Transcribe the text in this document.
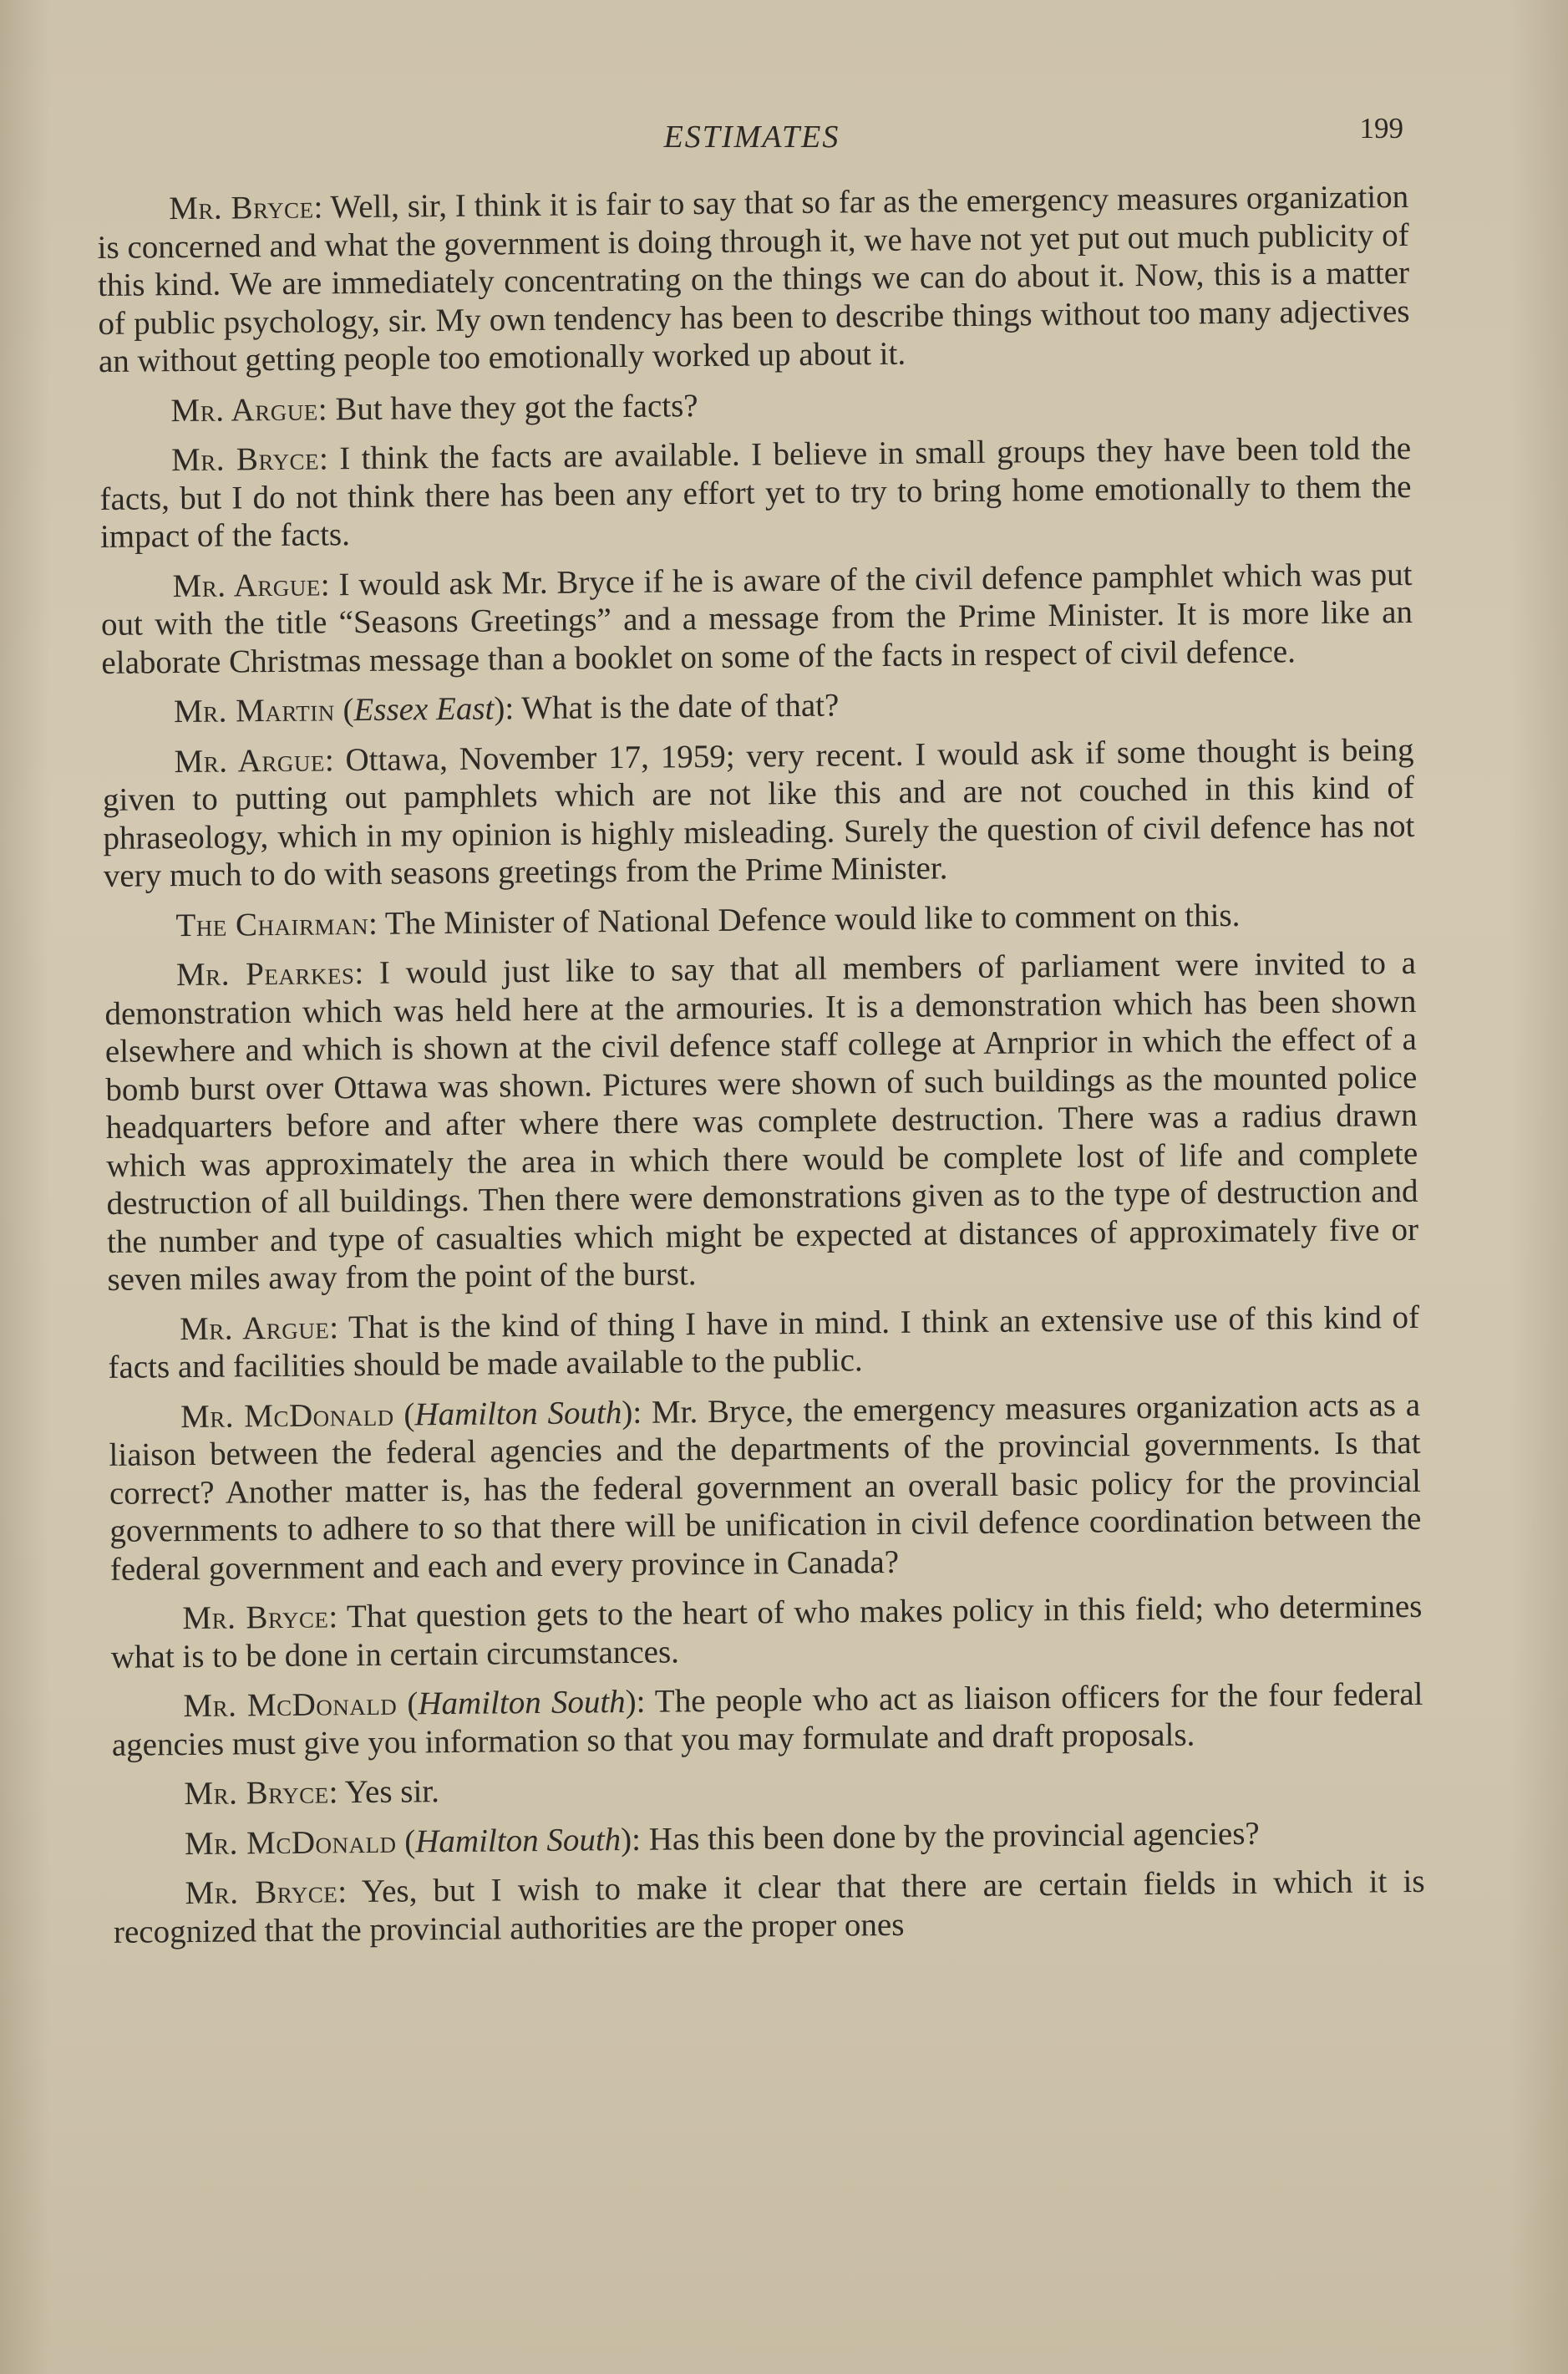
ESTIMATES	199

Mr. Bryce: Well, sir, I think it is fair to say that so far as the emergency measures organization is concerned and what the government is doing through it, we have not yet put out much publicity of this kind. We are immediately concentrating on the things we can do about it. Now, this is a matter of public psychology, sir. My own tendency has been to describe things without too many adjectives an without getting people too emotionally worked up about it.

Mr. Argue: But have they got the facts?

Mr. Bryce: I think the facts are available. I believe in small groups they have been told the facts, but I do not think there has been any effort yet to try to bring home emotionally to them the impact of the facts.

Mr. Argue: I would ask Mr. Bryce if he is aware of the civil defence pamphlet which was put out with the title “Seasons Greetings” and a message from the Prime Minister. It is more like an elaborate Christmas message than a booklet on some of the facts in respect of civil defence.

Mr. Martin (Essex East): What is the date of that?

Mr. Argue: Ottawa, November 17, 1959; very recent. I would ask if some thought is being given to putting out pamphlets which are not like this and are not couched in this kind of phraseology, which in my opinion is highly misleading. Surely the question of civil defence has not very much to do with seasons greetings from the Prime Minister.

The Chairman: The Minister of National Defence would like to comment on this.

Mr. Pearkes: I would just like to say that all members of parliament were invited to a demonstration which was held here at the armouries. It is a demonstration which has been shown elsewhere and which is shown at the civil defence staff college at Arnprior in which the effect of a bomb burst over Ottawa was shown. Pictures were shown of such buildings as the mounted police headquarters before and after where there was complete destruction. There was a radius drawn which was approximately the area in which there would be complete lost of life and complete destruction of all buildings. Then there were demonstrations given as to the type of destruction and the number and type of casualties which might be expected at distances of approximately five or seven miles away from the point of the burst.

Mr. Argue: That is the kind of thing I have in mind. I think an extensive use of this kind of facts and facilities should be made available to the public.

Mr. McDonald (Hamilton South): Mr. Bryce, the emergency measures organization acts as a liaison between the federal agencies and the departments of the provincial governments. Is that correct? Another matter is, has the federal government an overall basic policy for the provincial governments to adhere to so that there will be unification in civil defence coordination between the federal government and each and every province in Canada?

Mr. Bryce: That question gets to the heart of who makes policy in this field; who determines what is to be done in certain circumstances.

Mr. McDonald (Hamilton South): The people who act as liaison officers for the four federal agencies must give you information so that you may formulate and draft proposals.

Mr. Bryce: Yes sir.

Mr. McDonald (Hamilton South): Has this been done by the provincial agencies?

Mr. Bryce: Yes, but I wish to make it clear that there are certain fields in which it is recognized that the provincial authorities are the proper ones
